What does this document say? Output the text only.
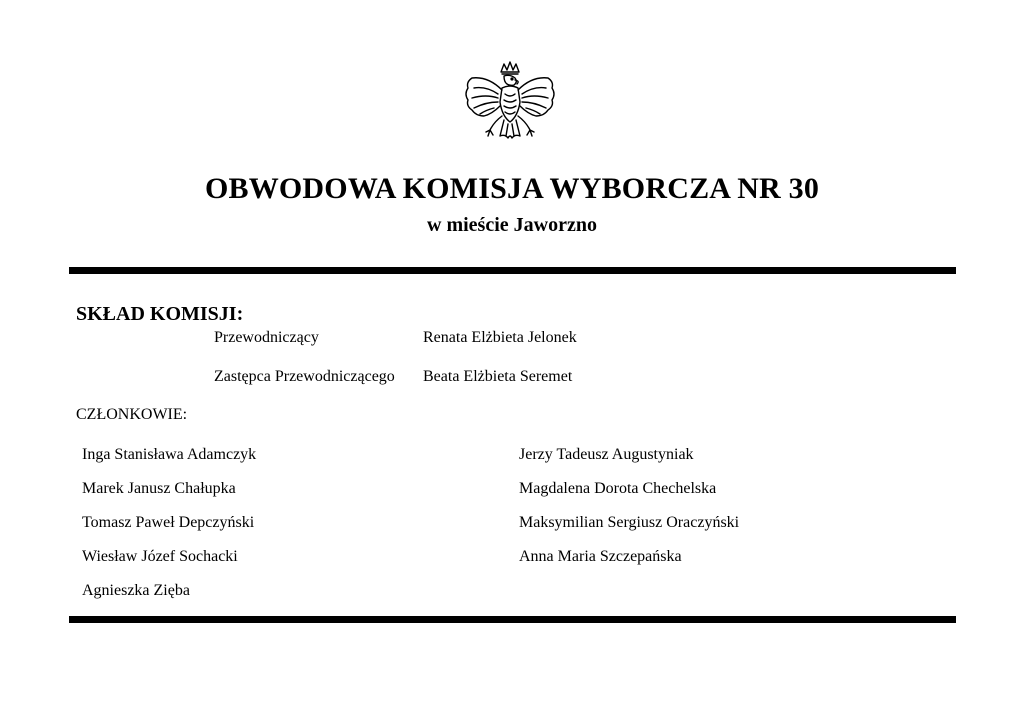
OBWODOWA KOMISJA WYBORCZA NR 30
w mieście Jaworzno
SKŁAD KOMISJI:
Przewodniczący	Renata Elżbieta Jelonek
Zastępca Przewodniczącego Beata Elżbieta Seremet
CZŁONKOWIE:
Inga Stanisława Adamczyk
Marek Janusz Chałupka
Tomasz Paweł Depczyński
Wiesław Józef Sochacki
Agnieszka Zięba
Jerzy Tadeusz Augustyniak
Magdalena Dorota Chechelska
Maksymilian Sergiusz Oraczyński
Anna Maria Szczepańska
